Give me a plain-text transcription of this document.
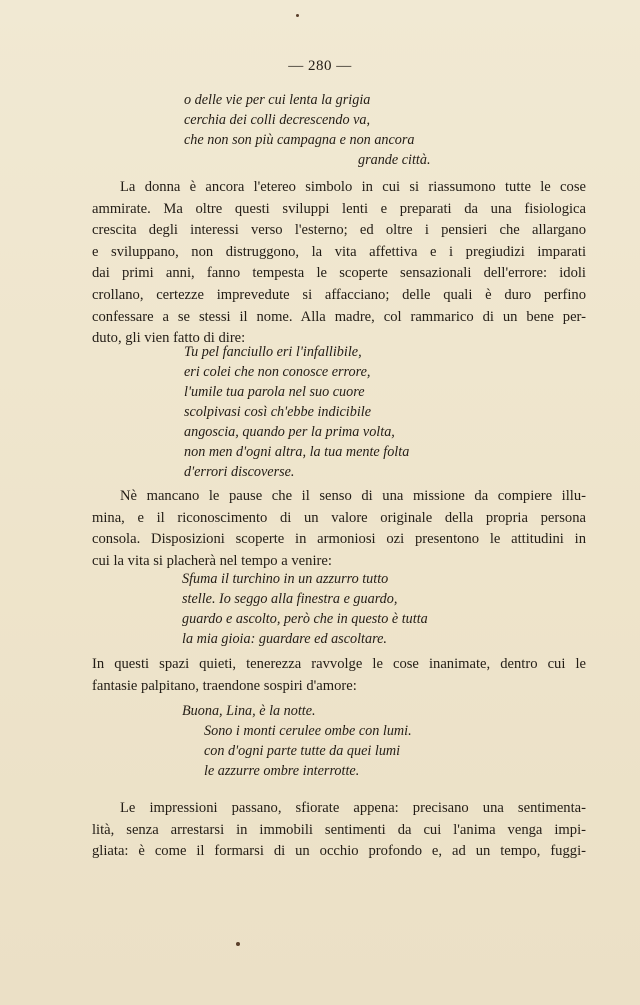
— 280 —
o delle vie per cui lenta la grigia
cerchia dei colli decrescendo va,
che non son più campagna e non ancora
grande città.
La donna è ancora l'etereo simbolo in cui si riassumono tutte le cose
ammirate. Ma oltre questi sviluppi lenti e preparati da una fisiologica
crescita degli interessi verso l'esterno; ed oltre i pensieri che allargano
e sviluppano, non distruggono, la vita affettiva e i pregiudizi imparati
dai primi anni, fanno tempesta le scoperte sensazionali dell'errore: idoli
crollano, certezze imprevedute si affacciano; delle quali è duro perfino
confessare a se stessi il nome. Alla madre, col rammarico di un bene per-
duto, gli vien fatto di dire:
Tu pel fanciullo eri l'infallibile,
eri colei che non conosce errore,
l'umile tua parola nel suo cuore
scolpivasi così ch'ebbe indicibile
angoscia, quando per la prima volta,
non men d'ogni altra, la tua mente folta
d'errori discoverse.
Nè mancano le pause che il senso di una missione da compiere illu-
mina, e il riconoscimento di un valore originale della propria persona
consola. Disposizioni scoperte in armoniosi ozi presentono le attitudini in
cui la vita si placherà nel tempo a venire:
Sfuma il turchino in un azzurro tutto
stelle. Io seggo alla finestra e guardo,
guardo e ascolto, però che in questo è tutta
la mia gioia: guardare ed ascoltare.
In questi spazi quieti, tenerezza ravvolge le cose inanimate, dentro cui le
fantasie palpitano, traendone sospiri d'amore:
Buona, Lina, è la notte.
Sono i monti cerulee ombe con lumi.
con d'ogni parte tutte da quei lumi
le azzurre ombre interrotte.
Le impressioni passano, sfiorate appena: precisano una sentimenta-
lità, senza arrestarsi in immobili sentimenti da cui l'anima venga impi-
gliata: è come il formarsi di un occhio profondo e, ad un tempo, fuggi-
